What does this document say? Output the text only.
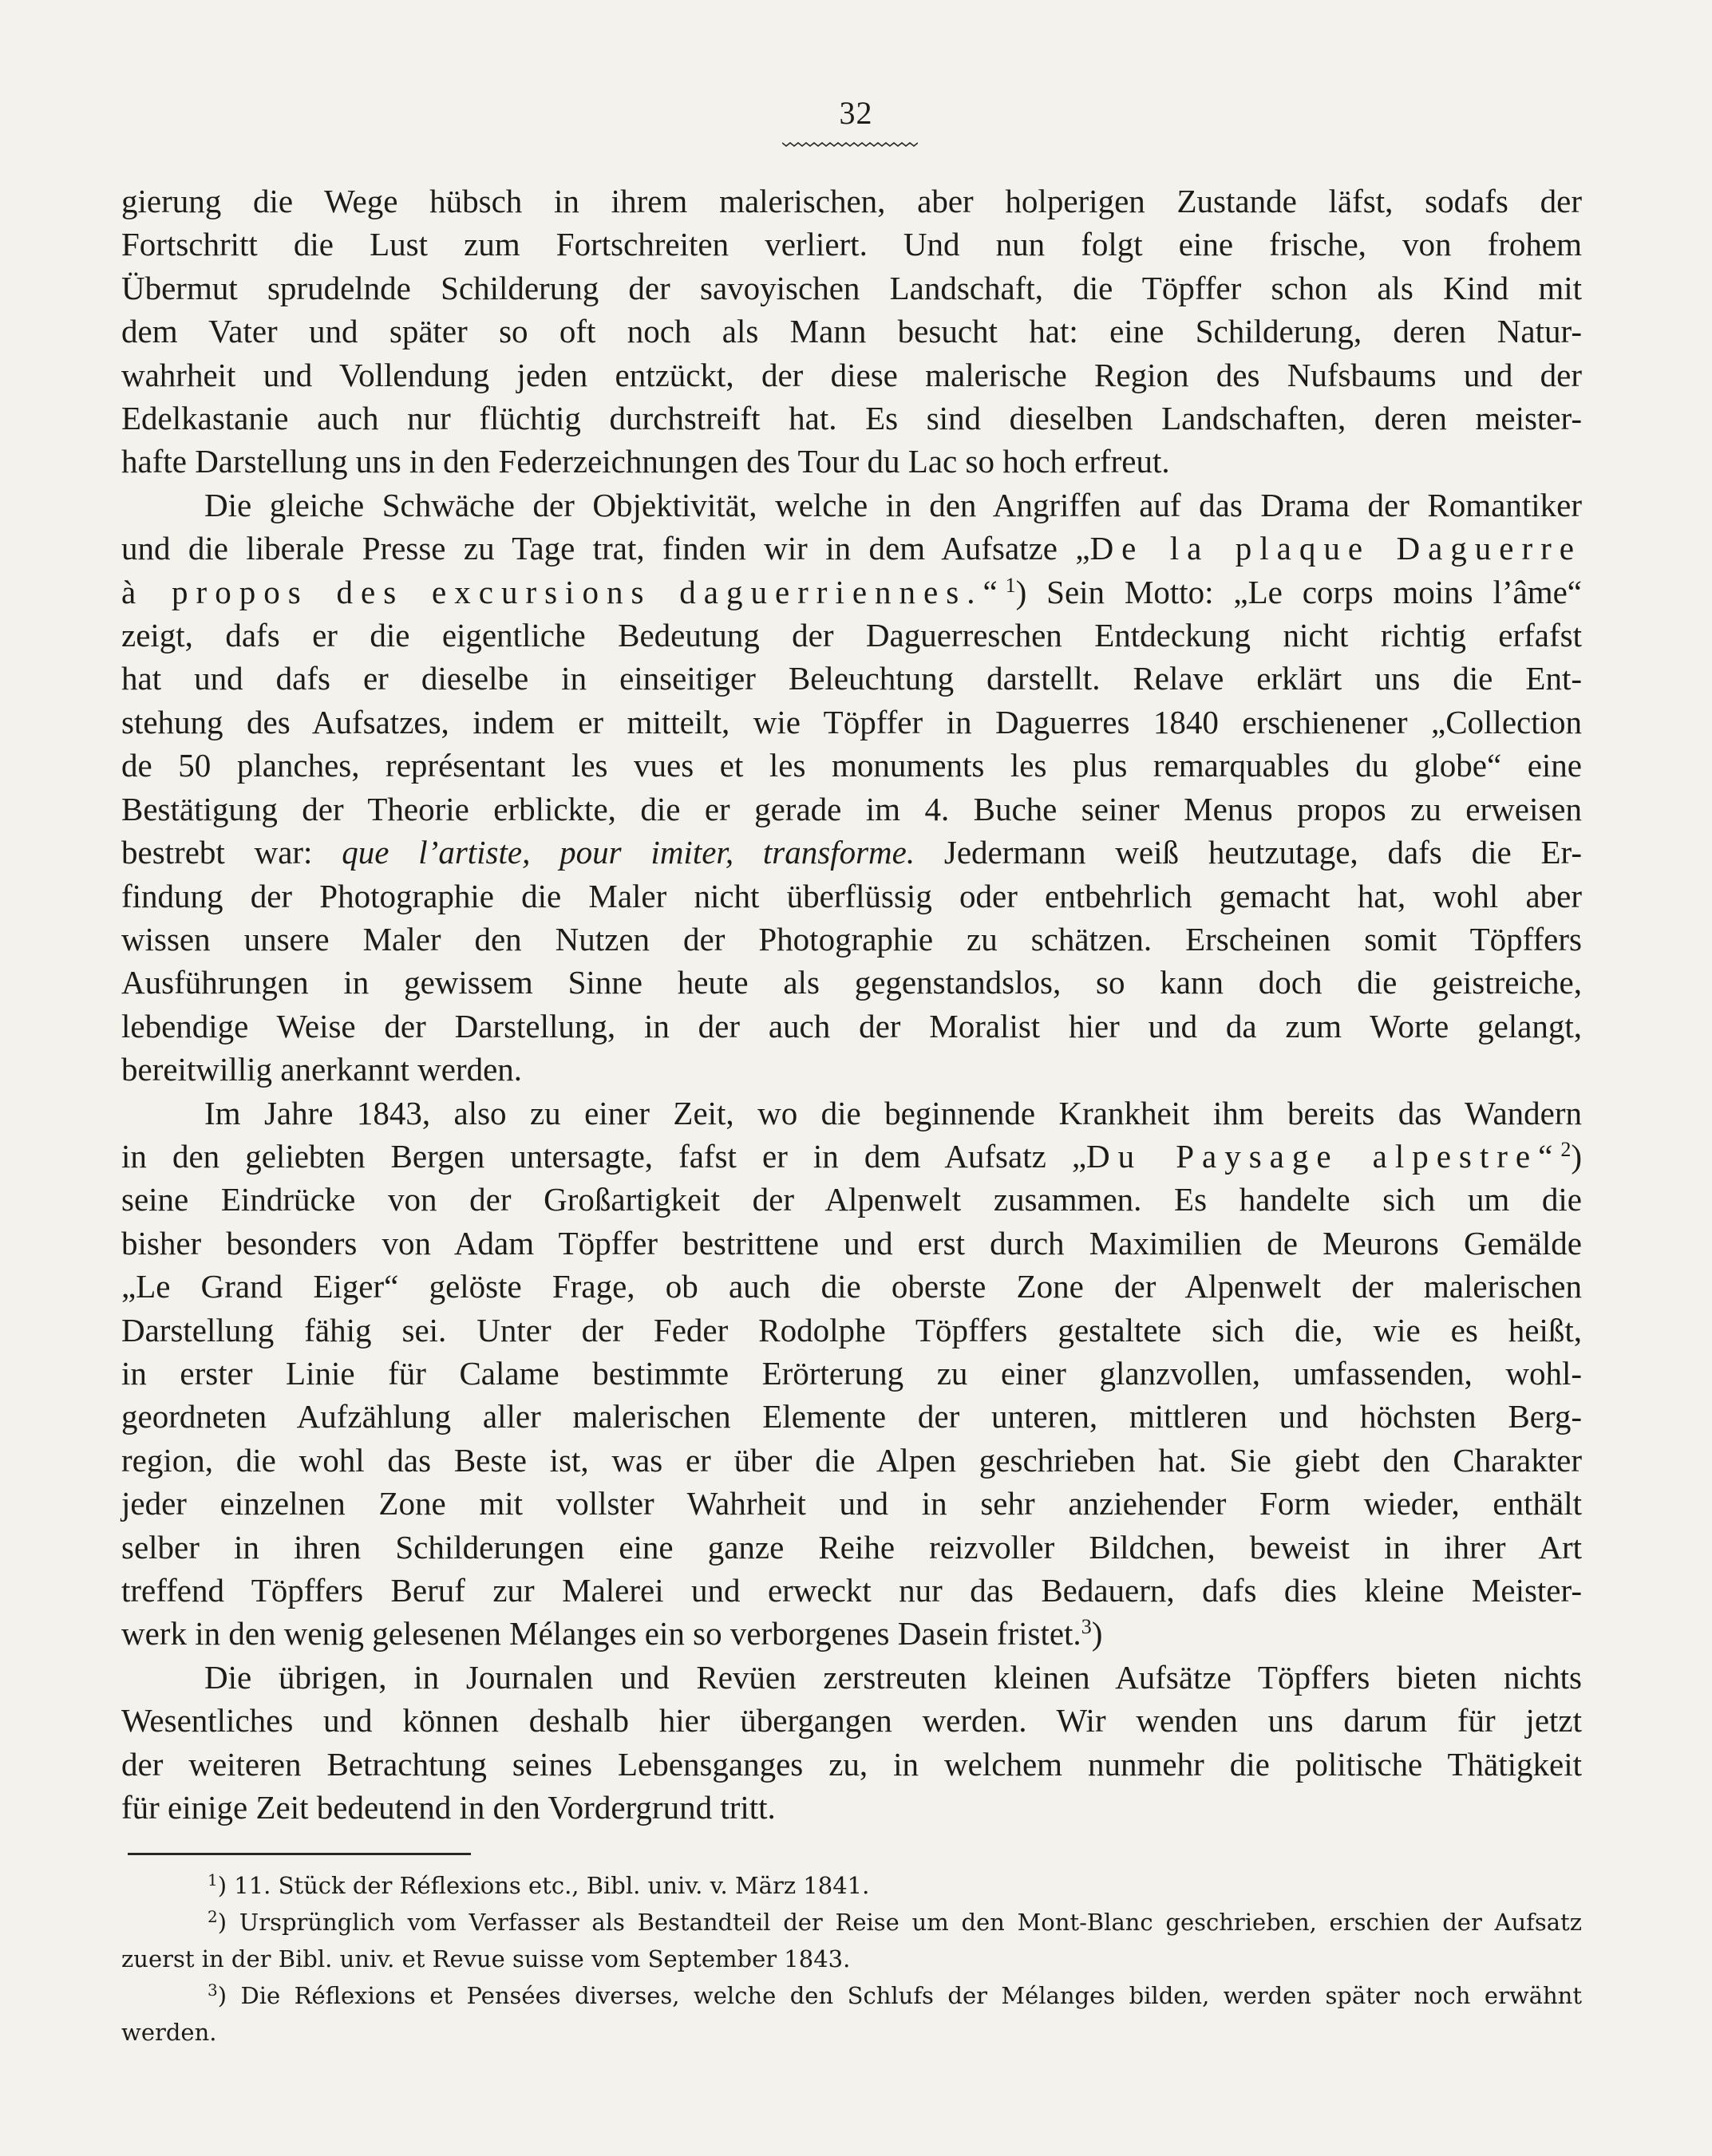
32

gierung die Wege hübsch in ihrem malerischen, aber holperigen Zustande läfst, sodafs der
Fortschritt die Lust zum Fortschreiten verliert. Und nun folgt eine frische, von frohem
Übermut sprudelnde Schilderung der savoyischen Landschaft, die Töpffer schon als Kind mit
dem Vater und später so oft noch als Mann besucht hat: eine Schilderung, deren Natur-
wahrheit und Vollendung jeden entzückt, der diese malerische Region des Nufsbaums und der
Edelkastanie auch nur flüchtig durchstreift hat. Es sind dieselben Landschaften, deren meister-
hafte Darstellung uns in den Federzeichnungen des Tour du Lac so hoch erfreut.

Die gleiche Schwäche der Objektivität, welche in den Angriffen auf das Drama der Romantiker
und die liberale Presse zu Tage trat, finden wir in dem Aufsatze „De la plaque Daguerre
à propos des excursions daguerriennes.“$^1$) Sein Motto: „Le corps moins l’âme“
zeigt, dafs er die eigentliche Bedeutung der Daguerreschen Entdeckung nicht richtig erfafst
hat und dafs er dieselbe in einseitiger Beleuchtung darstellt. Relave erklärt uns die Ent-
stehung des Aufsatzes, indem er mitteilt, wie Töpffer in Daguerres 1840 erschienener „Collection
de 50 planches, représentant les vues et les monuments les plus remarquables du globe“ eine
Bestätigung der Theorie erblickte, die er gerade im 4. Buche seiner Menus propos zu erweisen
bestrebt war: que l’artiste, pour imiter, transforme. Jedermann weiß heutzutage, dafs die Er-
findung der Photographie die Maler nicht überflüssig oder entbehrlich gemacht hat, wohl aber
wissen unsere Maler den Nutzen der Photographie zu schätzen. Erscheinen somit Töpffers
Ausführungen in gewissem Sinne heute als gegenstandslos, so kann doch die geistreiche,
lebendige Weise der Darstellung, in der auch der Moralist hier und da zum Worte gelangt,
bereitwillig anerkannt werden.

Im Jahre 1843, also zu einer Zeit, wo die beginnende Krankheit ihm bereits das Wandern
in den geliebten Bergen untersagte, fafst er in dem Aufsatz „Du Paysage alpestre“$^2$)
seine Eindrücke von der Großartigkeit der Alpenwelt zusammen. Es handelte sich um die
bisher besonders von Adam Töpffer bestrittene und erst durch Maximilien de Meurons Gemälde
„Le Grand Eiger“ gelöste Frage, ob auch die oberste Zone der Alpenwelt der malerischen
Darstellung fähig sei. Unter der Feder Rodolphe Töpffers gestaltete sich die, wie es heißt,
in erster Linie für Calame bestimmte Erörterung zu einer glanzvollen, umfassenden, wohl-
geordneten Aufzählung aller malerischen Elemente der unteren, mittleren und höchsten Berg-
region, die wohl das Beste ist, was er über die Alpen geschrieben hat. Sie giebt den Charakter
jeder einzelnen Zone mit vollster Wahrheit und in sehr anziehender Form wieder, enthält
selber in ihren Schilderungen eine ganze Reihe reizvoller Bildchen, beweist in ihrer Art
treffend Töpffers Beruf zur Malerei und erweckt nur das Bedauern, dafs dies kleine Meister-
werk in den wenig gelesenen Mélanges ein so verborgenes Dasein fristet.$^3$)

Die übrigen, in Journalen und Revüen zerstreuten kleinen Aufsätze Töpffers bieten nichts
Wesentliches und können deshalb hier übergangen werden. Wir wenden uns darum für jetzt
der weiteren Betrachtung seines Lebensganges zu, in welchem nunmehr die politische Thätigkeit
für einige Zeit bedeutend in den Vordergrund tritt.

$^1$) 11. Stück der Réflexions etc., Bibl. univ. v. März 1841.
$^2$) Ursprünglich vom Verfasser als Bestandteil der Reise um den Mont-Blanc geschrieben, erschien der Aufsatz
zuerst in der Bibl. univ. et Revue suisse vom September 1843.
$^3$) Die Réflexions et Pensées diverses, welche den Schlufs der Mélanges bilden, werden später noch erwähnt
werden.
